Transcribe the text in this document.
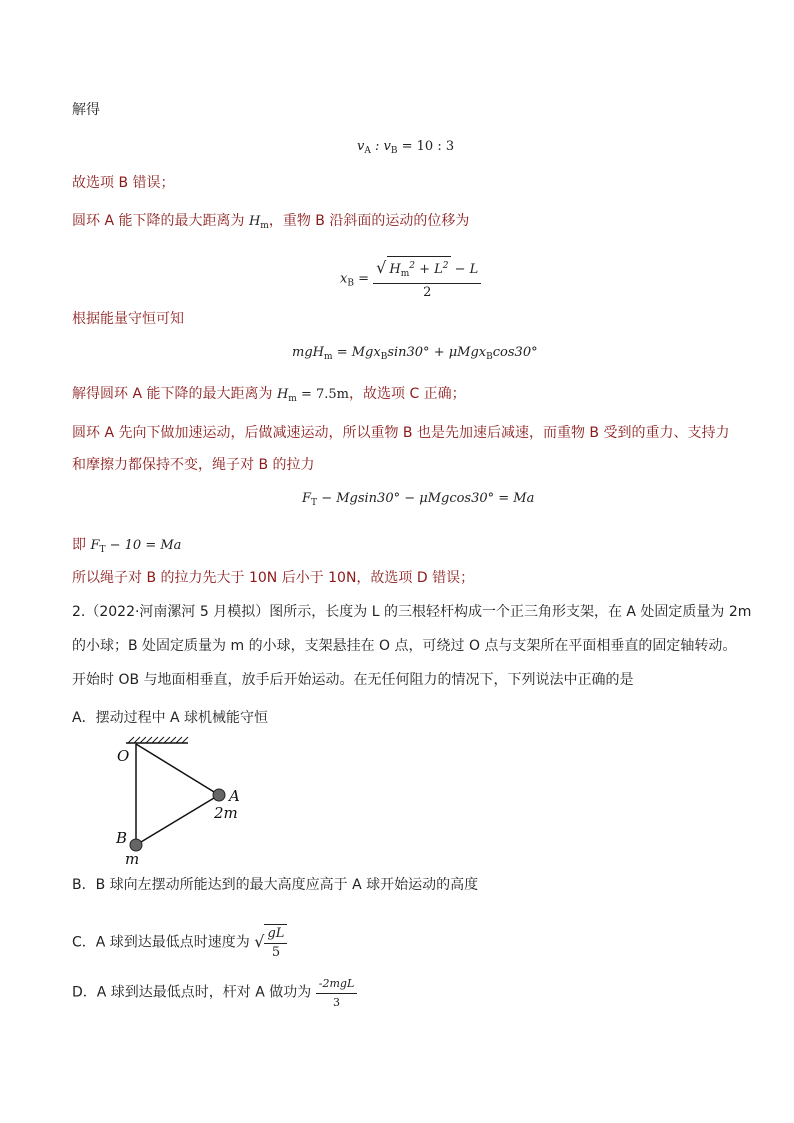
解得
$v_A$ : $v_B = 10$ : 3
故选项 B 错误；
圆环 A 能下降的最大距离为 $H_m$，重物 B 沿斜面的运动的位移为
$x_B = \frac{√ H_m^2 + L^2 - L}{2}$
根据能量守恒可知
mgH$_m$ = Mgx$_B$sin30° + μMgx$_B$cos30°
解得圆环 A 能下降的最大距离为 $H_m = 7.5m$，故选项 C 正确；
圆环 A 先向下做加速运动，后做减速运动，所以重物 B 也是先加速后减速，而重物 B 受到的重力、支持力
和摩擦力都保持不变，绳子对 B 的拉力
$F_T - Mgsin30^\circ - \mu Mgcos30^\circ = Ma$
即 $F_T - 10 = Ma$
所以绳子对 B 的拉力先大于 10N 后小于 10N，故选项 D 错误；
2.（2022·河南漯河 5 月模拟）图所示，长度为 L 的三根轻杆构成一个正三角形支架，在 A 处固定质量为 2m
的小球；B 处固定质量为 m 的小球，支架悬挂在 O 点，可绕过 O 点与支架所在平面相垂直的固定轴转动。
开始时 OB 与地面相垂直，放手后开始运动。在无任何阻力的情况下，下列说法中正确的是
A．摆动过程中 A 球机械能守恒
O
A
2m
B
m
B．B 球向左摆动所能达到的最大高度应高于 A 球开始运动的高度
C．A 球到达最低点时速度为 √ $\frac{gL}{5}$
D．A 球到达最低点时，杆对 A 做功为 $\frac{\text{-2mgL}}{3}$
